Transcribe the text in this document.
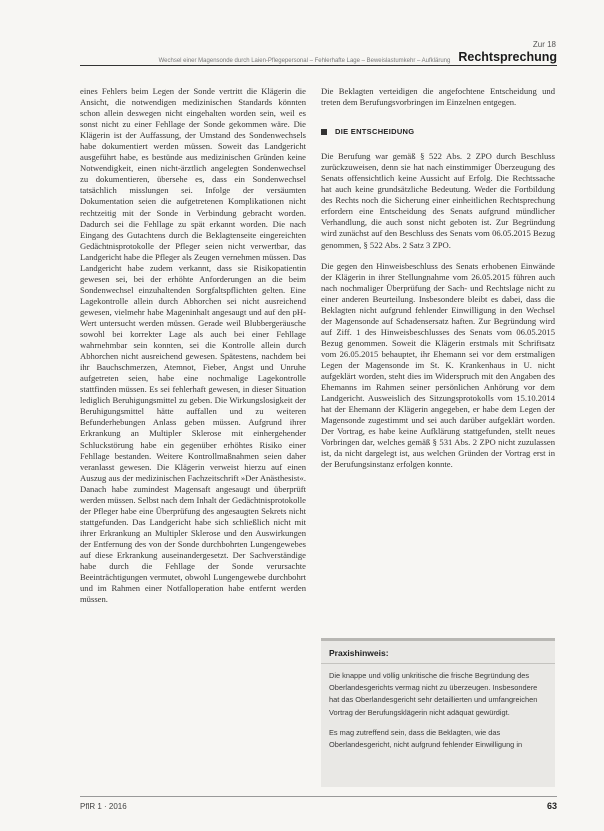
Zur 18
Wechsel einer Magensonde durch Laien-Pflegepersonal – Fehlerhafte Lage – Beweislastumkehr – Aufklärung Rechtsprechung

eines Fehlers beim Legen der Sonde vertritt die Klägerin die Ansicht, die notwendigen medizinischen Standards könnten schon allein deswegen nicht eingehalten worden sein, weil es sonst nicht zu einer Fehllage der Sonde gekommen wäre. Die Klägerin ist der Auffassung, der Umstand des Sondenwechsels habe dokumentiert werden müssen. Soweit das Landgericht ausgeführt habe, es bestünde aus medizinischen Gründen keine Notwendigkeit, einen nicht-ärztlich angelegten Sondenwechsel zu dokumentieren, übersehe es, dass ein Sondenwechsel tatsächlich misslungen sei. Infolge der versäumten Dokumentation seien die aufgetretenen Komplikationen nicht rechtzeitig mit der Sonde in Verbindung gebracht worden. Dadurch sei die Fehllage zu spät erkannt worden. Die nach Eingang des Gutachtens durch die Beklagtenseite eingereichten Gedächtnisprotokolle der Pfleger seien nicht verwertbar, das Landgericht habe die Pfleger als Zeugen vernehmen müssen. Das Landgericht habe zudem verkannt, dass sie Risikopatientin gewesen sei, bei der erhöhte Anforderungen an die beim Sondenwechsel einzuhaltenden Sorgfaltspflichten gelten. Eine Lagekontrolle allein durch Abhorchen sei nicht ausreichend gewesen, vielmehr habe Mageninhalt angesaugt und auf den pH-Wert untersucht werden müssen. Gerade weil Blubbergeräusche sowohl bei korrekter Lage als auch bei einer Fehllage wahrnehmbar sein konnten, sei die Kontrolle allein durch Abhorchen nicht ausreichend gewesen. Spätestens, nachdem bei ihr Bauchschmerzen, Atemnot, Fieber, Angst und Unruhe aufgetreten seien, habe eine nochmalige Lagekontrolle stattfinden müssen. Es sei fehlerhaft gewesen, in dieser Situation lediglich Beruhigungsmittel zu geben. Die Wirkungslosigkeit der Beruhigungsmittel hätte auffallen und zu weiteren Befunderhebungen Anlass geben müssen. Aufgrund ihrer Erkrankung an Multipler Sklerose mit einhergehender Schluckstörung habe ein gegenüber erhöhtes Risiko einer Fehllage bestanden. Weitere Kontrollmaßnahmen seien daher veranlasst gewesen. Die Klägerin verweist hierzu auf einen Auszug aus der medizinischen Fachzeitschrift »Der Anästhesist«. Danach habe zumindest Magensaft angesaugt und überprüft werden müssen. Selbst nach dem Inhalt der Gedächtnisprotokolle der Pfleger habe eine Überprüfung des angesaugten Sekrets nicht stattgefunden. Das Landgericht habe sich schließlich nicht mit ihrer Erkrankung an Multipler Sklerose und den Auswirkungen der Entfernung des von der Sonde durchbohrten Lungengewebes auf diese Erkrankung auseinandergesetzt. Der Sachverständige habe durch die Fehllage der Sonde verursachte Beeinträchtigungen vermutet, obwohl Lungengewebe durchbohrt und im Rahmen einer Notfalloperation habe entfernt werden müssen.

Die Beklagten verteidigen die angefochtene Entscheidung und treten dem Berufungsvorbringen im Einzelnen entgegen.

DIE ENTSCHEIDUNG

Die Berufung war gemäß § 522 Abs. 2 ZPO durch Beschluss zurückzuweisen, denn sie hat nach einstimmiger Überzeugung des Senats offensichtlich keine Aussicht auf Erfolg. Die Rechtssache hat auch keine grundsätzliche Bedeutung. Weder die Fortbildung des Rechts noch die Sicherung einer einheitlichen Rechtsprechung erfordern eine Entscheidung des Senats aufgrund mündlicher Verhandlung, die auch sonst nicht geboten ist. Zur Begründung wird zunächst auf den Beschluss des Senats vom 06.05.2015 Bezug genommen, § 522 Abs. 2 Satz 3 ZPO.

Die gegen den Hinweisbeschluss des Senats erhobenen Einwände der Klägerin in ihrer Stellungnahme vom 26.05.2015 führen auch nach nochmaliger Überprüfung der Sach- und Rechtslage nicht zu einer anderen Beurteilung. Insbesondere bleibt es dabei, dass die Beklagten nicht aufgrund fehlender Einwilligung in den Wechsel der Magensonde auf Schadensersatz haften. Zur Begründung wird auf Ziff. 1 des Hinweisbeschlusses des Senats vom 06.05.2015 Bezug genommen. Soweit die Klägerin erstmals mit Schriftsatz vom 26.05.2015 behauptet, ihr Ehemann sei vor dem erstmaligen Legen der Magensonde im St. K. Krankenhaus in U. nicht aufgeklärt worden, steht dies im Widerspruch mit den Angaben des Ehemanns im Rahmen seiner persönlichen Anhörung vor dem Landgericht. Ausweislich des Sitzungsprotokolls vom 15.10.2014 hat der Ehemann der Klägerin angegeben, er habe dem Legen der Magensonde zugestimmt und sei auch darüber aufgeklärt worden. Der Vortrag, es habe keine Aufklärung stattgefunden, stellt neues Vorbringen dar, welches gemäß § 531 Abs. 2 ZPO nicht zuzulassen ist, da nicht dargelegt ist, aus welchen Gründen der Vortrag erst in der Berufungsinstanz erfolgen konnte.

Praxishinweis:

Die knappe und völlig unkritische die frische Begründung des Oberlandesgerichts vermag nicht zu überzeugen. Insbesondere hat das Oberlandesgericht sehr detaillierten und umfangreichen Vortrag der Berufungsklägerin nicht adäquat gewürdigt.

Es mag zutreffend sein, dass die Beklagten, wie das Oberlandesgericht, nicht aufgrund fehlender Einwilligung in

PflR 1 · 2016	63
